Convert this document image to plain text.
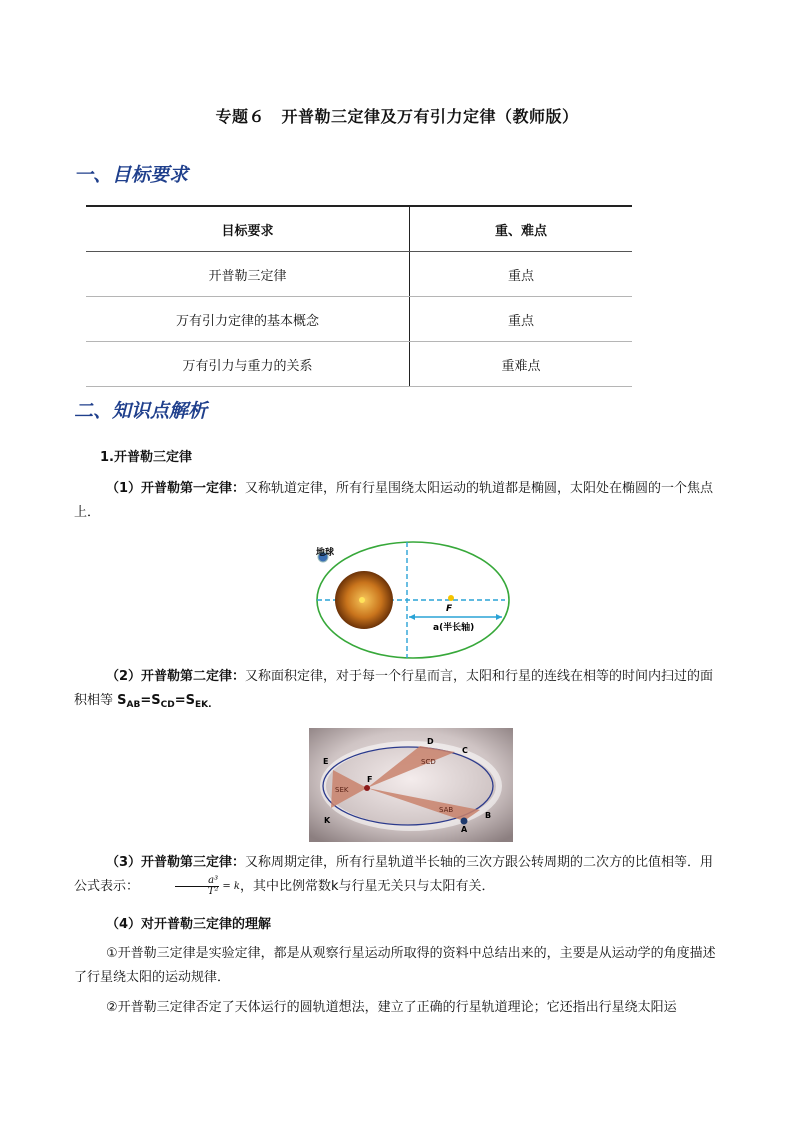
专题６　开普勒三定律及万有引力定律（教师版）
一、目标要求
目标要求	重、难点
开普勒三定律	重点
万有引力定律的基本概念	重点
万有引力与重力的关系	重难点
二、知识点解析
1.开普勒三定律
（1）开普勒第一定律：又称轨道定律，所有行星围绕太阳运动的轨道都是椭圆，太阳处在椭圆的一个焦点上．
地球
F
a(半长轴)
（2）开普勒第二定律：又称面积定律，对于每一个行星而言，太阳和行星的连线在相等的时间内扫过的面积相等 $S_{AB}=S_{CD}=S_{EK.}$
A
B
C
D
E
F
K
SCD
SEK
SAB
（3）开普勒第三定律：又称周期定律，所有行星轨道半长轴的三次方跟公转周期的二次方的比值相等．用公式表示：	$\frac{\text{a³}}{\text{T²}} = k$，其中比例常数k与行星无关只与太阳有关．
（4）对开普勒三定律的理解
①开普勒三定律是实验定律，都是从观察行星运动所取得的资料中总结出来的，主要是从运动学的角度描述了行星绕太阳的运动规律．
②开普勒三定律否定了天体运行的圆轨道想法，建立了正确的行星轨道理论；它还指出行星绕太阳运
